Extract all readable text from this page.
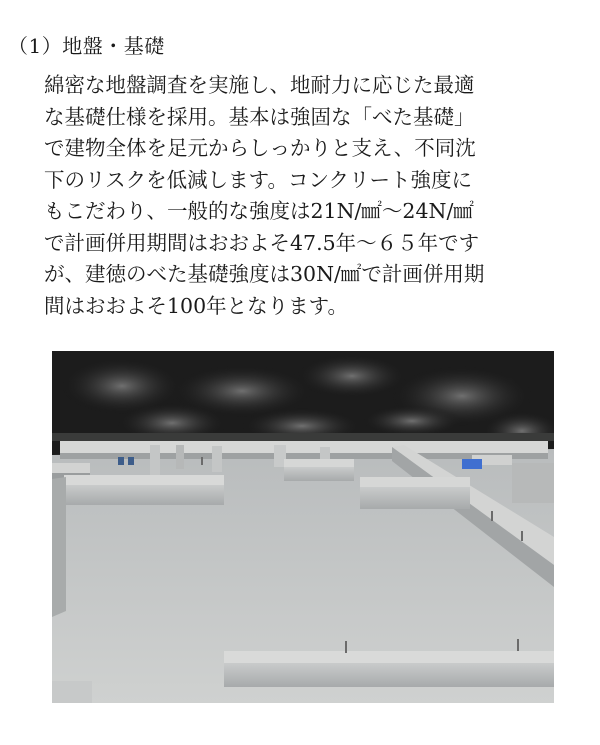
（1）地盤・基礎
綿密な地盤調査を実施し、地耐力に応じた最適
な基礎仕様を採用。基本は強固な「べた基礎」
で建物全体を足元からしっかりと支え、不同沈
下のリスクを低減します。コンクリート強度に
もこだわり、一般的な強度は21N/㎟～24N/㎟
で計画併用期間はおおよそ47.5年～６５年です
が、建徳のべた基礎強度は30N/㎟で計画併用期
間はおおよそ100年となります。
